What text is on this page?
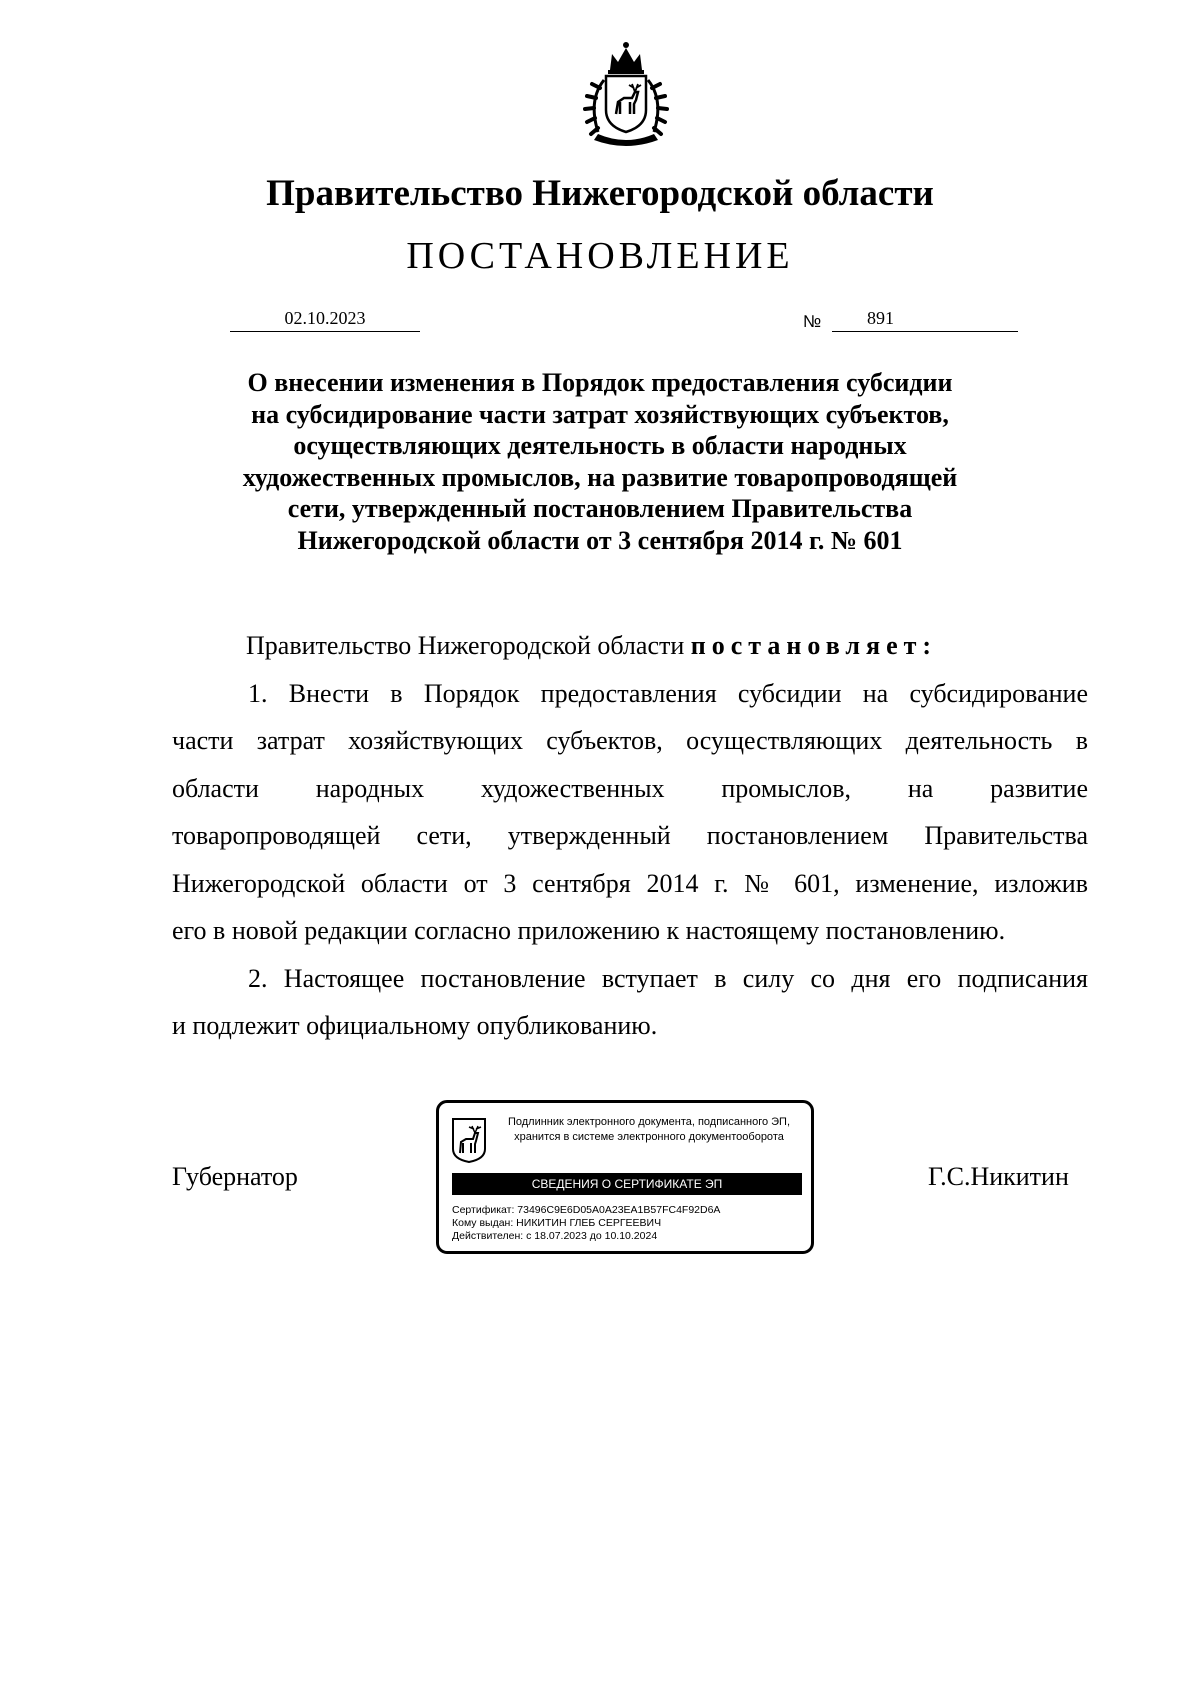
Правительство Нижегородской области
ПОСТАНОВЛЕНИЕ
02.10.2023	№	891
О внесении изменения в Порядок предоставления субсидии
на субсидирование части затрат хозяйствующих субъектов,
осуществляющих деятельность в области народных
художественных промыслов, на развитие товаропроводящей
сети, утвержденный постановлением Правительства
Нижегородской области от 3 сентября 2014 г. № 601
Правительство Нижегородской области постановляет:
1. Внести в Порядок предоставления субсидии на субсидирование
части затрат хозяйствующих субъектов, осуществляющих деятельность в
области народных художественных промыслов, на развитие
товаропроводящей сети, утвержденный постановлением Правительства
Нижегородской области от 3 сентября 2014 г. № 601, изменение, изложив
его в новой редакции согласно приложению к настоящему постановлению.
2. Настоящее постановление вступает в силу со дня его подписания
и подлежит официальному опубликованию.
Губернатор	Г.С.Никитин
Подлинник электронного документа, подписанного ЭП,
хранится в системе электронного документооборота
СВЕДЕНИЯ О СЕРТИФИКАТЕ ЭП
Сертификат: 73496C9E6D05A0A23EA1B57FC4F92D6A
Кому выдан: НИКИТИН ГЛЕБ СЕРГЕЕВИЧ
Действителен: с 18.07.2023 до 10.10.2024
